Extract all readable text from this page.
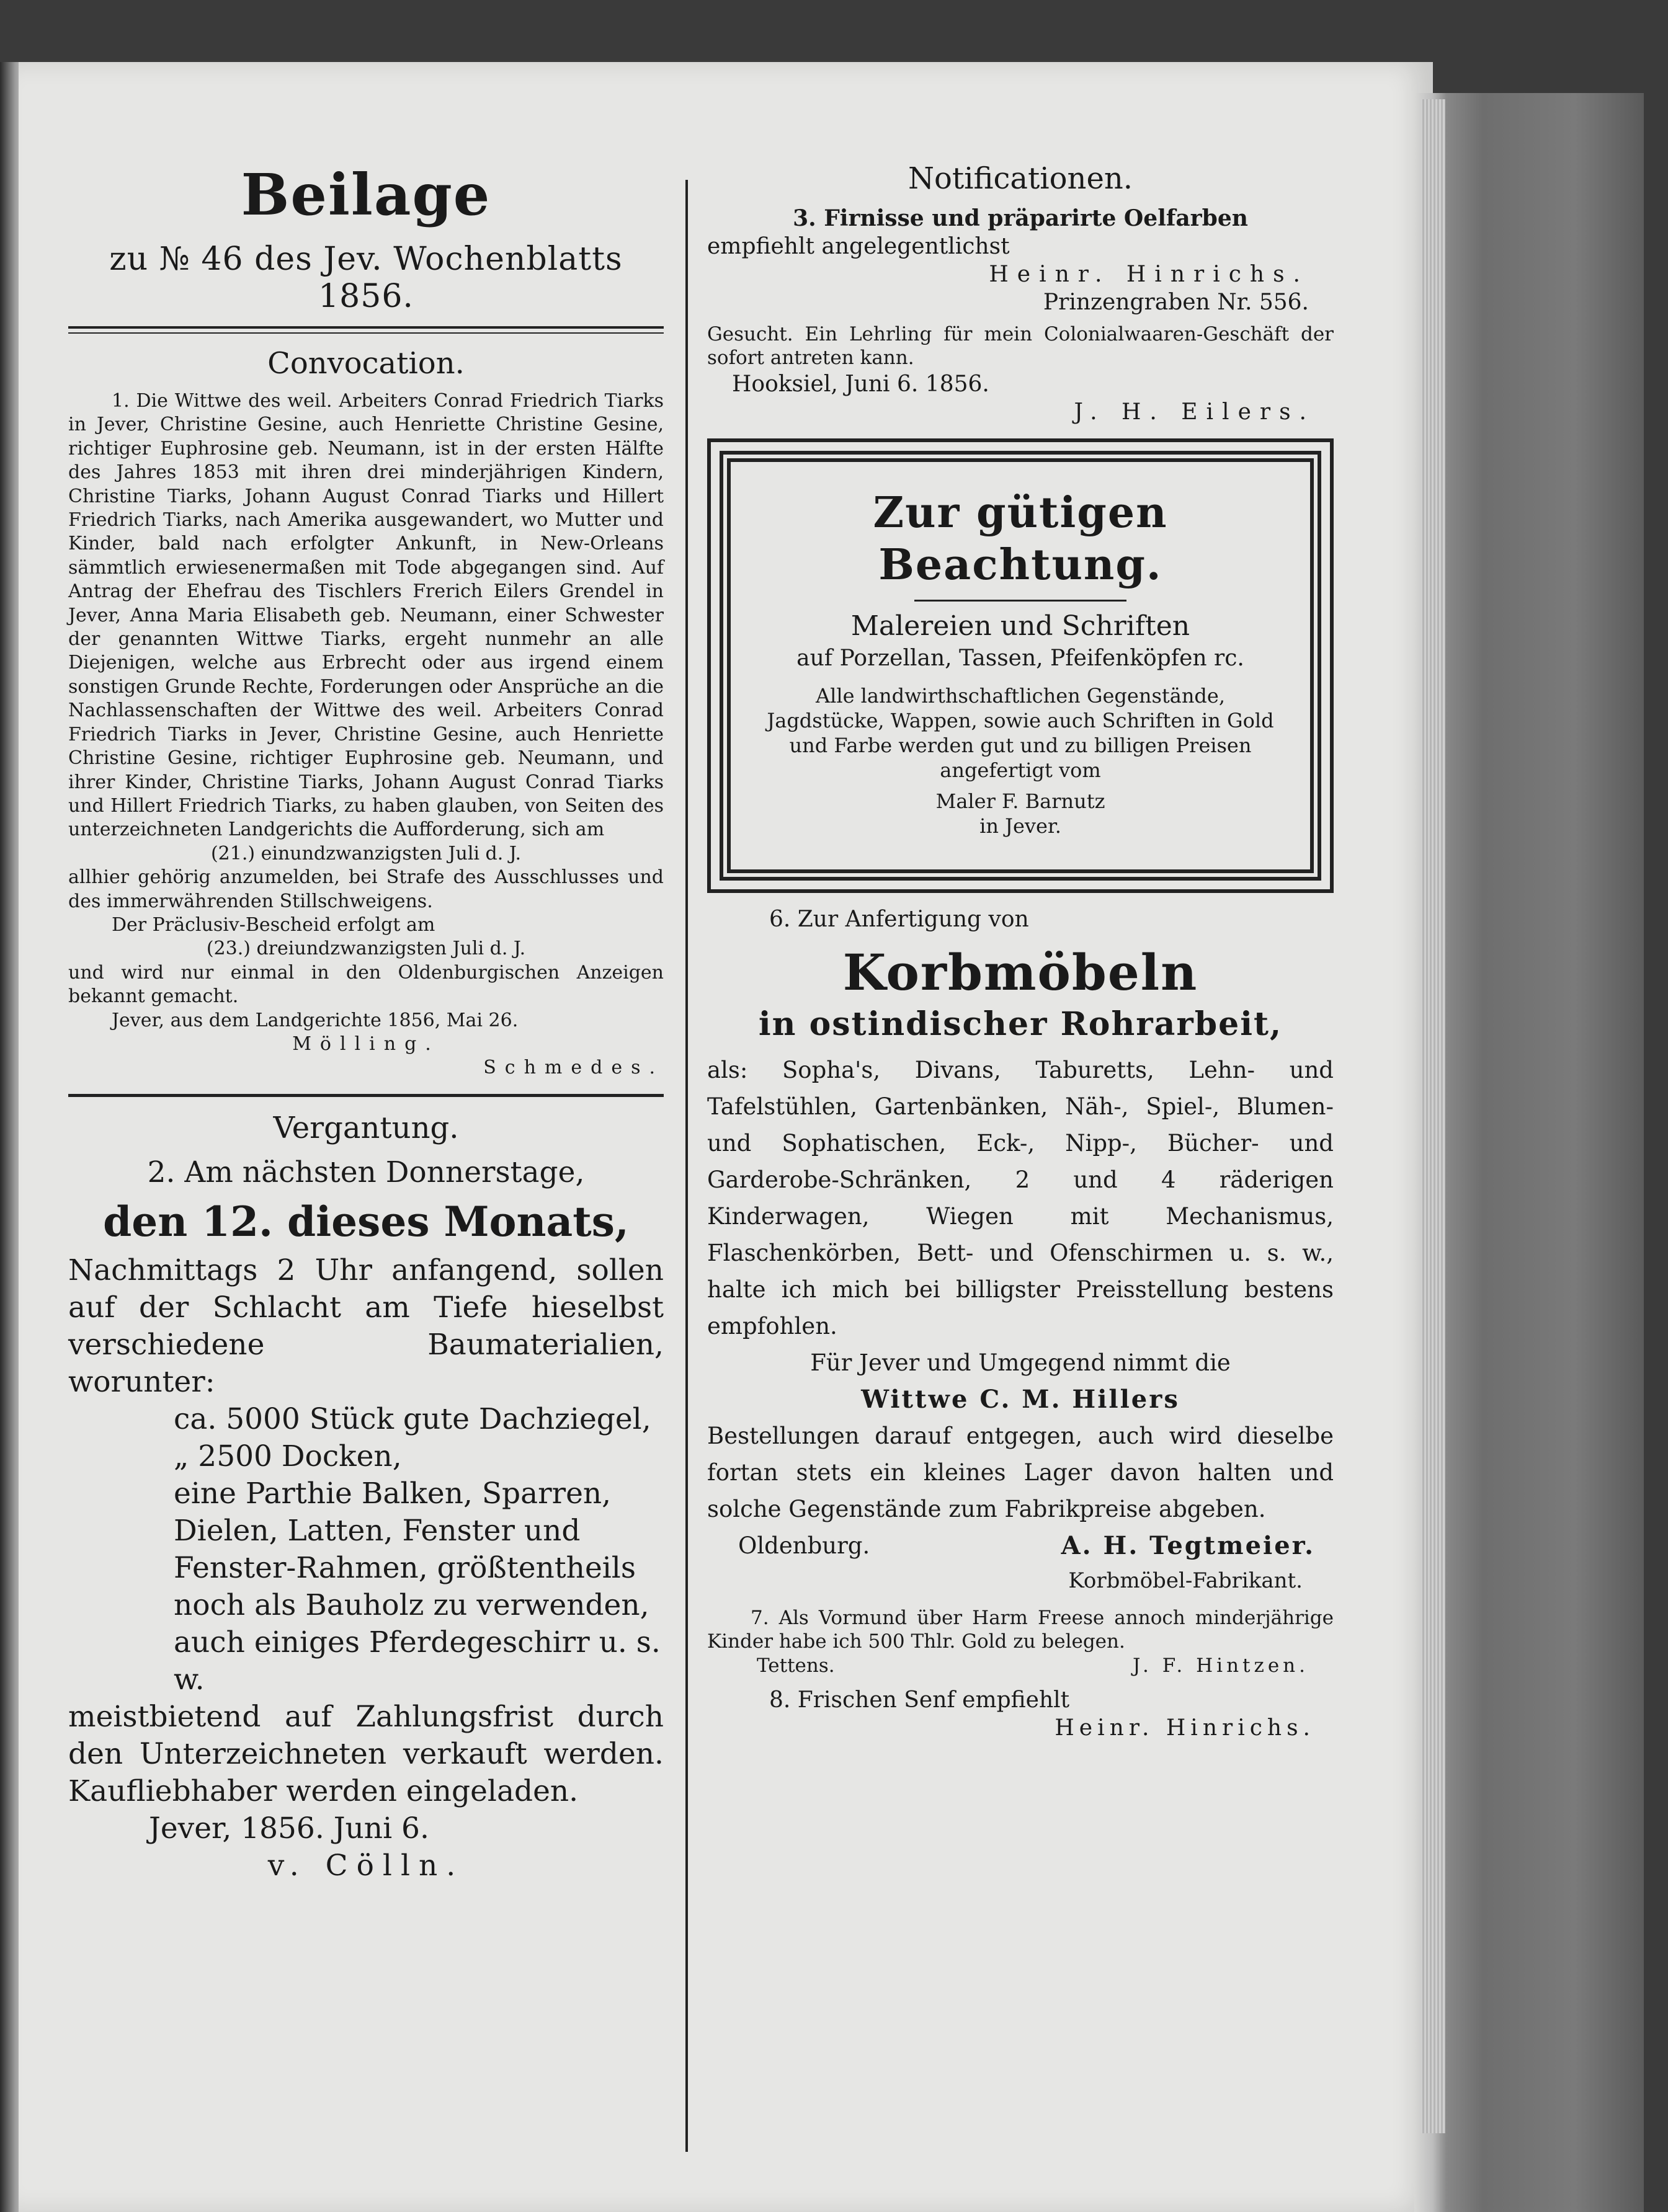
Beilage
zu № 46 des Jev. Wochenblatts 1856.
Convocation.

1. Die Wittwe des weil. Arbeiters Conrad Friedrich Tiarks in Jever, Christine Gesine, auch Henriette Christine Gesine, richtiger Euphrosine geb. Neumann, ist in der ersten Hälfte des Jahres 1853 mit ihren drei minderjährigen Kindern, Christine Tiarks, Johann August Conrad Tiarks und Hillert Friedrich Tiarks, nach Amerika ausgewandert, wo Mutter und Kinder, bald nach erfolgter Ankunft, in New-Orleans sämmtlich erwiesenermaßen mit Tode abgegangen sind. Auf Antrag der Ehefrau des Tischlers Frerich Eilers Grendel in Jever, Anna Maria Elisabeth geb. Neumann, einer Schwester der genannten Wittwe Tiarks, ergeht nunmehr an alle Diejenigen, welche aus Erbrecht oder aus irgend einem sonstigen Grunde Rechte, Forderungen oder Ansprüche an die Nachlassenschaften der Wittwe des weil. Arbeiters Conrad Friedrich Tiarks in Jever, Christine Gesine, auch Henriette Christine Gesine, richtiger Euphrosine geb. Neumann, und ihrer Kinder, Christine Tiarks, Johann August Conrad Tiarks und Hillert Friedrich Tiarks, zu haben glauben, von Seiten des unterzeichneten Landgerichts die Aufforderung, sich am

(21.) einundzwanzigsten Juli d. J.

allhier gehörig anzumelden, bei Strafe des Ausschlusses und des immerwährenden Stillschweigens.

Der Präclusiv-Bescheid erfolgt am

(23.) dreiundzwanzigsten Juli d. J.

und wird nur einmal in den Oldenburgischen Anzeigen bekannt gemacht.

Jever, aus dem Landgerichte 1856, Mai 26.

Mölling.

Schmedes.

Vergantung.

2. Am nächsten Donnerstage,

den 12. dieses Monats,

Nachmittags 2 Uhr anfangend, sollen auf der Schlacht am Tiefe hieselbst verschiedene Baumaterialien, worunter:

ca. 5000 Stück gute Dachziegel,

„ 2500 Docken,

eine Parthie Balken, Sparren, Dielen, Latten, Fenster und Fenster-Rahmen, größtentheils noch als Bauholz zu verwenden, auch einiges Pferdegeschirr u. s. w.

meistbietend auf Zahlungsfrist durch den Unterzeichneten verkauft werden. Kaufliebhaber werden eingeladen.

Jever, 1856. Juni 6.

v. Cölln.

Notificationen.

3. Firnisse und präparirte Oelfarben

empfiehlt angelegentlichst

Heinr. Hinrichs.

Prinzengraben Nr. 556.

Gesucht. Ein Lehrling für mein Colonialwaaren-Geschäft der sofort antreten kann.

Hooksiel, Juni 6. 1856.

J. H. Eilers.

Zur gütigen

Beachtung.

Malereien und Schriften

auf Porzellan, Tassen, Pfeifenköpfen rc.

Alle landwirthschaftlichen Gegenstände, Jagdstücke, Wappen, sowie auch Schriften in Gold und Farbe werden gut und zu billigen Preisen angefertigt vom

Maler F. Barnutz

in Jever.

6. Zur Anfertigung von

Korbmöbeln

in ostindischer Rohrarbeit,

als: Sopha's, Divans, Taburetts, Lehn- und Tafelstühlen, Gartenbänken, Näh-, Spiel-, Blumen- und Sophatischen, Eck-, Nipp-, Bücher- und Garderobe-Schränken, 2 und 4 räderigen Kinderwagen, Wiegen mit Mechanismus, Flaschenkörben, Bett- und Ofenschirmen u. s. w., halte ich mich bei billigster Preisstellung bestens empfohlen.

Für Jever und Umgegend nimmt die

Wittwe C. M. Hillers

Bestellungen darauf entgegen, auch wird dieselbe fortan stets ein kleines Lager davon halten und solche Gegenstände zum Fabrikpreise abgeben.

Oldenburg.	A. H. Tegtmeier.

Korbmöbel-Fabrikant.

7. Als Vormund über Harm Freese annoch minderjährige Kinder habe ich 500 Thlr. Gold zu belegen.

Tettens.	J. F. Hintzen.

8. Frischen Senf empfiehlt

Heinr. Hinrichs.
